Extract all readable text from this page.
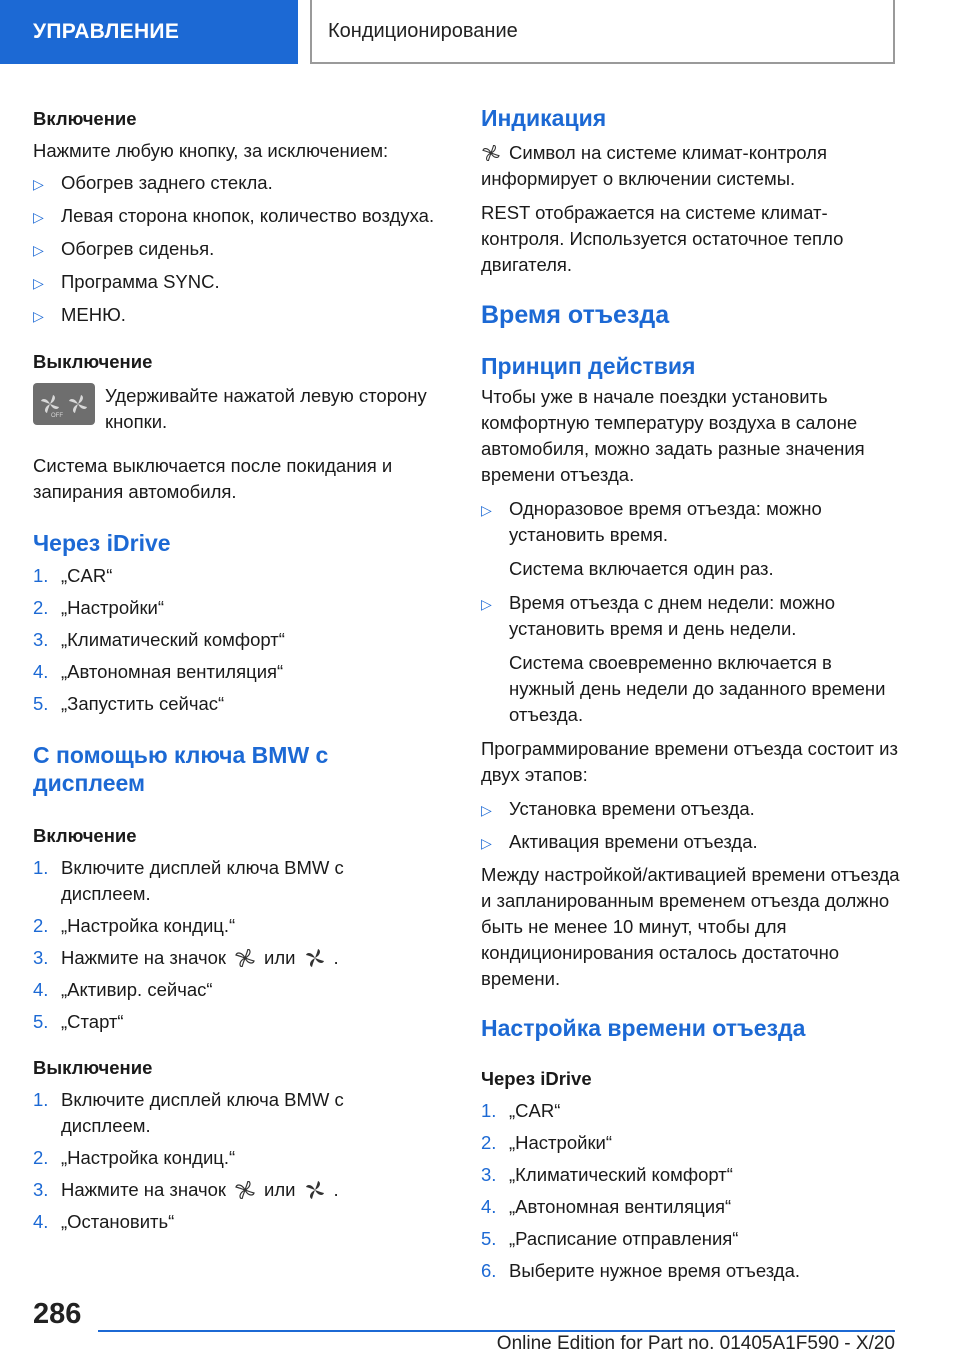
УПРАВЛЕНИЕ	Кондиционирование

Включение

Нажмите любую кнопку, за исключением:

▷ Обогрев заднего стекла.
▷ Левая сторона кнопок, количество воздуха.
▷ Обогрев сиденья.
▷ Программа SYNC.
▷ МЕНЮ.

Выключение

OFF

Удерживайте нажатой левую сторону кнопки.

Система выключается после покидания и запирания автомобиля.

Через iDrive

1. „CAR“
2. „Настройки“
3. „Климатический комфорт“
4. „Автономная вентиляция“
5. „Запустить сейчас“

С помощью ключа BMW с дисплеем

Включение

1. Включите дисплей ключа BMW с дисплеем.
2. „Настройка кондиц.“
3. Нажмите на значок или .
4. „Активир. сейчас“
5. „Старт“

Выключение

1. Включите дисплей ключа BMW с дисплеем.
2. „Настройка кондиц.“
3. Нажмите на значок или .
4. „Остановить“

Индикация

Символ на системе климат-контроля информирует о включении системы.

REST отображается на системе климат-контроля. Используется остаточное тепло двигателя.

Время отъезда

Принцип действия

Чтобы уже в начале поездки установить комфортную температуру воздуха в салоне автомобиля, можно задать разные значения времени отъезда.

▷ Одноразовое время отъезда: можно установить время.

Система включается один раз.

▷ Время отъезда с днем недели: можно установить время и день недели.

Система своевременно включается в нужный день недели до заданного времени отъезда.

Программирование времени отъезда состоит из двух этапов:

▷ Установка времени отъезда.
▷ Активация времени отъезда.

Между настройкой/активацией времени отъезда и запланированным временем отъезда должно быть не менее 10 минут, чтобы для кондиционирования осталось достаточно времени.

Настройка времени отъезда

Через iDrive

1. „CAR“
2. „Настройки“
3. „Климатический комфорт“
4. „Автономная вентиляция“
5. „Расписание отправления“
6. Выберите нужное время отъезда.
286
Online Edition for Part no. 01405A1F590 - X/20
